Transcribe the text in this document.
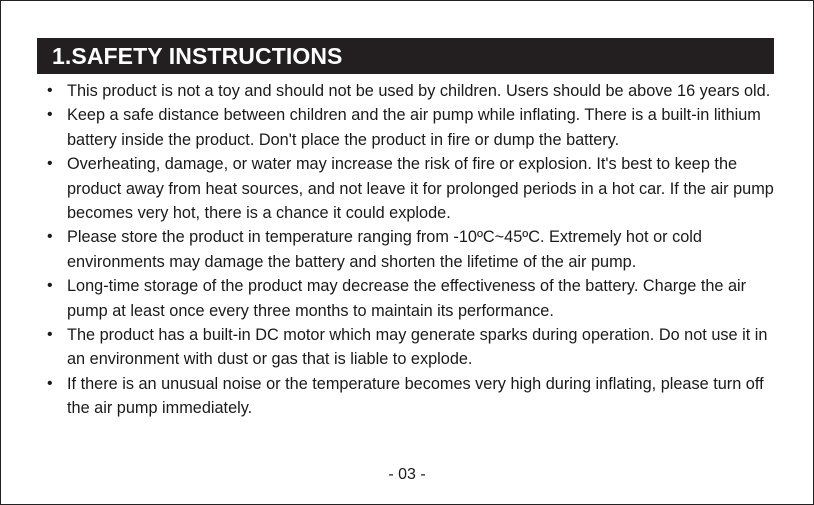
1.SAFETY INSTRUCTIONS
• This product is not a toy and should not be used by children. Users should be above 16 years old.
• Keep a safe distance between children and the air pump while inflating. There is a built-in lithium battery inside the product. Don't place the product in fire or dump the battery.
• Overheating, damage, or water may increase the risk of fire or explosion. It's best to keep the product away from heat sources, and not leave it for prolonged periods in a hot car. If the air pump becomes very hot, there is a chance it could explode.
• Please store the product in temperature ranging from -10ºC~45ºC. Extremely hot or cold environments may damage the battery and shorten the lifetime of the air pump.
• Long-time storage of the product may decrease the effectiveness of the battery. Charge the air pump at least once every three months to maintain its performance.
• The product has a built-in DC motor which may generate sparks during operation. Do not use it in an environment with dust or gas that is liable to explode.
• If there is an unusual noise or the temperature becomes very high during inflating, please turn off the air pump immediately.
- 03 -
